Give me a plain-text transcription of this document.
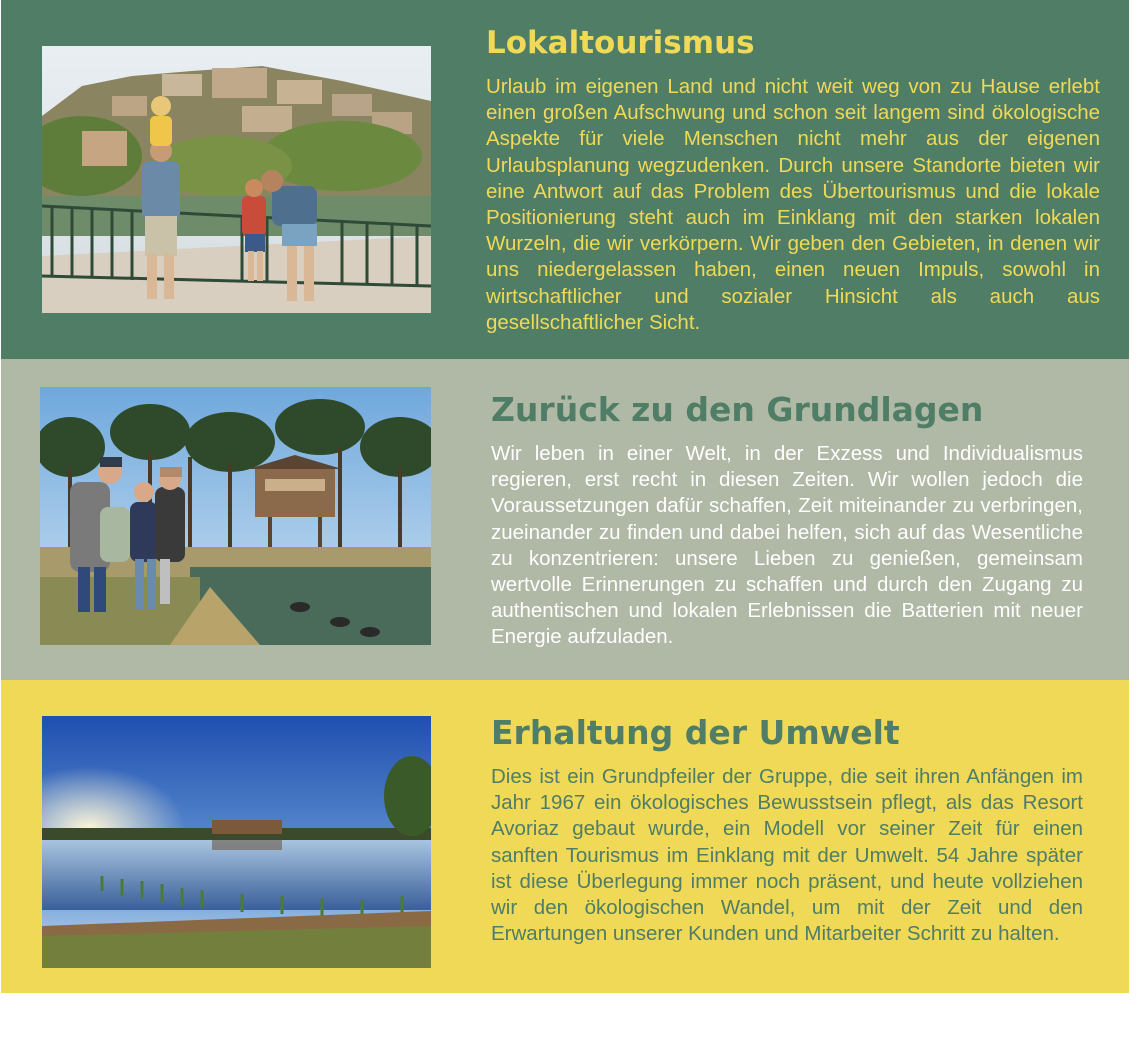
Lokaltourismus

Urlaub im eigenen Land und nicht weit weg von zu Hause erlebt einen großen Aufschwung und schon seit langem sind ökologische Aspekte für viele Menschen nicht mehr aus der eigenen Urlaubsplanung wegzudenken. Durch unsere Standorte bieten wir eine Antwort auf das Problem des Übertourismus und die lokale Positionierung steht auch im Einklang mit den starken lokalen Wurzeln, die wir verkörpern. Wir geben den Gebieten, in denen wir uns niedergelassen haben, einen neuen Impuls, sowohl in wirtschaftlicher und sozialer Hinsicht als auch aus gesellschaftlicher Sicht.

Zurück zu den Grundlagen

Wir leben in einer Welt, in der Exzess und Individualismus regieren, erst recht in diesen Zeiten. Wir wollen jedoch die Voraussetzungen dafür schaffen, Zeit miteinander zu verbringen, zueinander zu finden und dabei helfen, sich auf das Wesentliche zu konzentrieren: unsere Lieben zu genießen, gemeinsam wertvolle Erinnerungen zu schaffen und durch den Zugang zu authentischen und lokalen Erlebnissen die Batterien mit neuer Energie aufzuladen.

Erhaltung der Umwelt

Dies ist ein Grundpfeiler der Gruppe, die seit ihren Anfängen im Jahr 1967 ein ökologisches Bewusstsein pflegt, als das Resort Avoriaz gebaut wurde, ein Modell vor seiner Zeit für einen sanften Tourismus im Einklang mit der Umwelt. 54 Jahre später ist diese Überlegung immer noch präsent, und heute vollziehen wir den ökologischen Wandel, um mit der Zeit und den Erwartungen unserer Kunden und Mitarbeiter Schritt zu halten.
